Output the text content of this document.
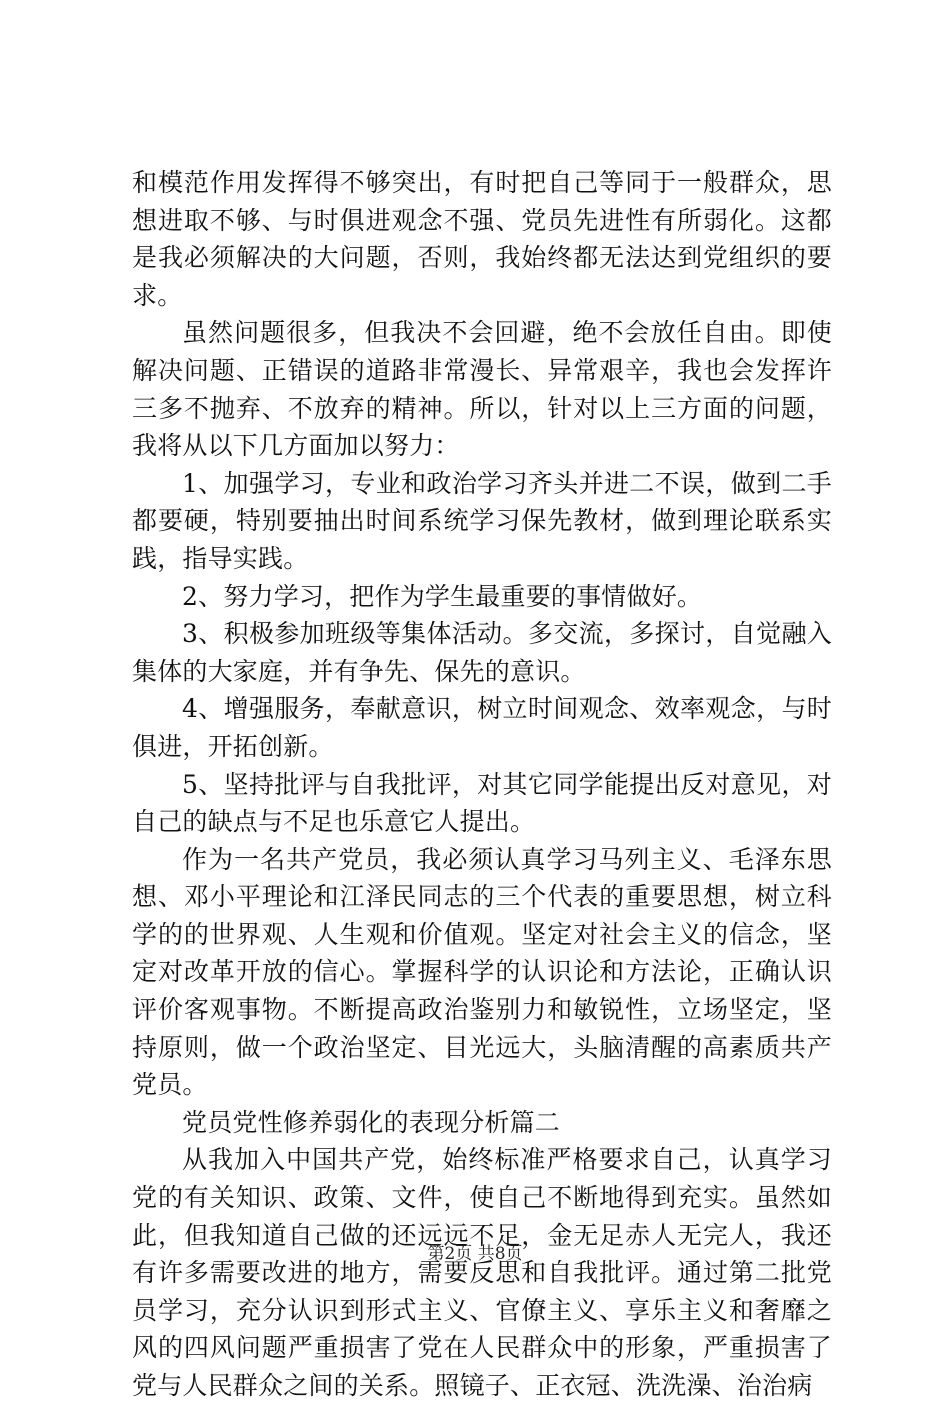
和模范作用发挥得不够突出，有时把自己等同于一般群众，思想进取不够、与时俱进观念不强、党员先进性有所弱化。这都是我必须解决的大问题，否则，我始终都无法达到党组织的要求。

虽然问题很多，但我决不会回避，绝不会放任自由。即使解决问题、正错误的道路非常漫长、异常艰辛，我也会发挥许三多不抛弃、不放弃的精神。所以，针对以上三方面的问题，我将从以下几方面加以努力：

1、加强学习，专业和政治学习齐头并进二不误，做到二手都要硬，特别要抽出时间系统学习保先教材，做到理论联系实践，指导实践。

2、努力学习，把作为学生最重要的事情做好。

3、积极参加班级等集体活动。多交流，多探讨，自觉融入集体的大家庭，并有争先、保先的意识。

4、增强服务，奉献意识，树立时间观念、效率观念，与时俱进，开拓创新。

5、坚持批评与自我批评，对其它同学能提出反对意见，对自己的缺点与不足也乐意它人提出。

作为一名共产党员，我必须认真学习马列主义、毛泽东思想、邓小平理论和江泽民同志的三个代表的重要思想，树立科学的的世界观、人生观和价值观。坚定对社会主义的信念，坚定对改革开放的信心。掌握科学的认识论和方法论，正确认识评价客观事物。不断提高政治鉴别力和敏锐性，立场坚定，坚持原则，做一个政治坚定、目光远大，头脑清醒的高素质共产党员。

党员党性修养弱化的表现分析篇二

从我加入中国共产党，始终标准严格要求自己，认真学习党的有关知识、政策、文件，使自己不断地得到充实。虽然如此，但我知道自己做的还远远不足，金无足赤人无完人，我还有许多需要改进的地方，需要反思和自我批评。通过第二批党员学习，充分认识到形式主义、官僚主义、享乐主义和奢靡之风的四风问题严重损害了党在人民群众中的形象，严重损害了党与人民群众之间的关系。照镜子、正衣冠、洗洗澡、治治病

第2页 共8页
